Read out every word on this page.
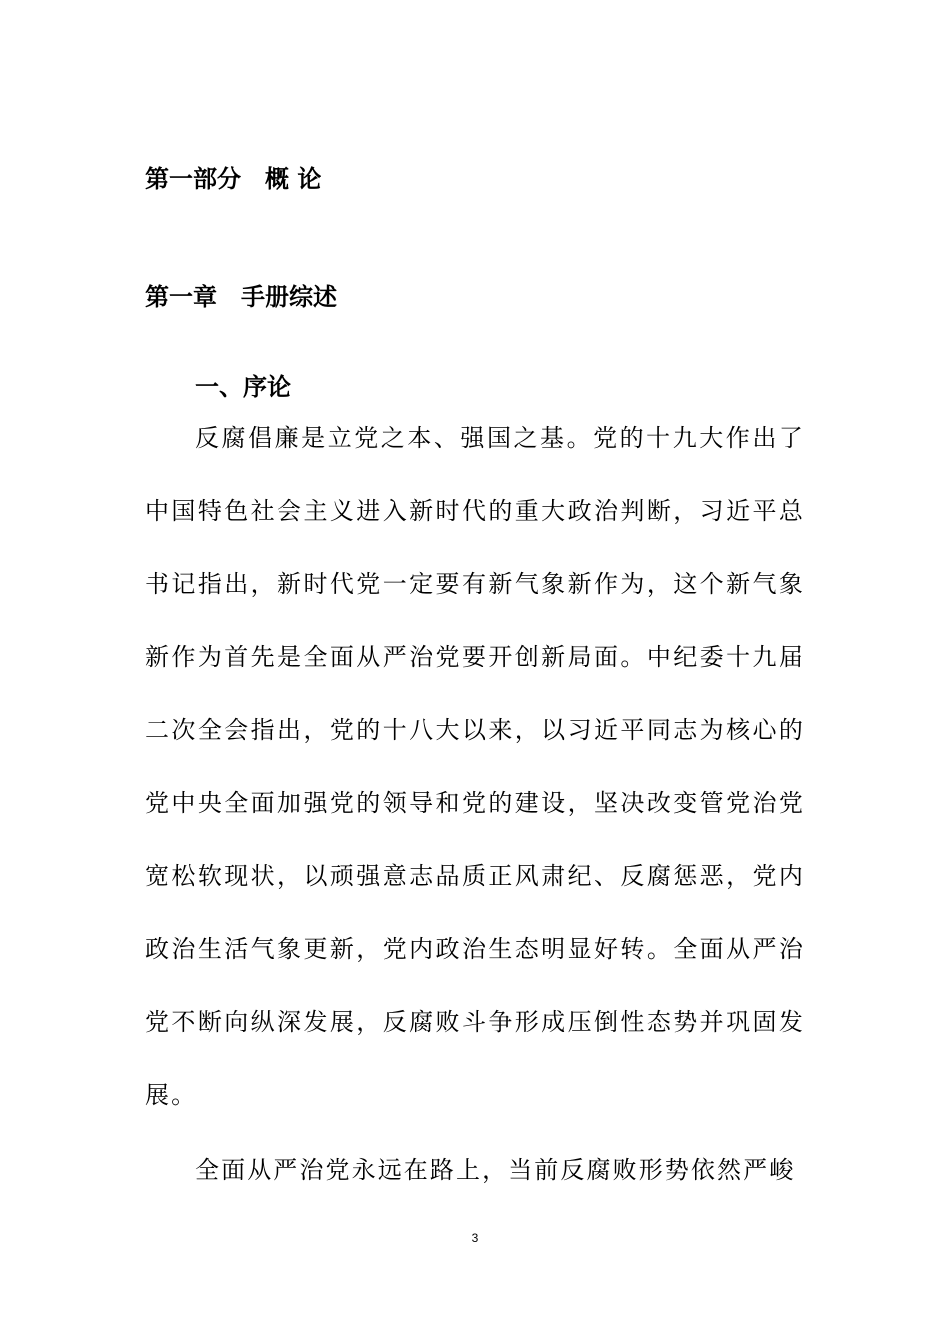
第一部分　概 论
第一章　手册综述
一、序论

反腐倡廉是立党之本、强国之基。党的十九大作出了中国特色社会主义进入新时代的重大政治判断，习近平总书记指出，新时代党一定要有新气象新作为，这个新气象新作为首先是全面从严治党要开创新局面。中纪委十九届二次全会指出，党的十八大以来，以习近平同志为核心的党中央全面加强党的领导和党的建设，坚决改变管党治党宽松软现状，以顽强意志品质正风肃纪、反腐惩恶，党内政治生活气象更新，党内政治生态明显好转。全面从严治党不断向纵深发展，反腐败斗争形成压倒性态势并巩固发展。

全面从严治党永远在路上，当前反腐败形势依然严峻

3
